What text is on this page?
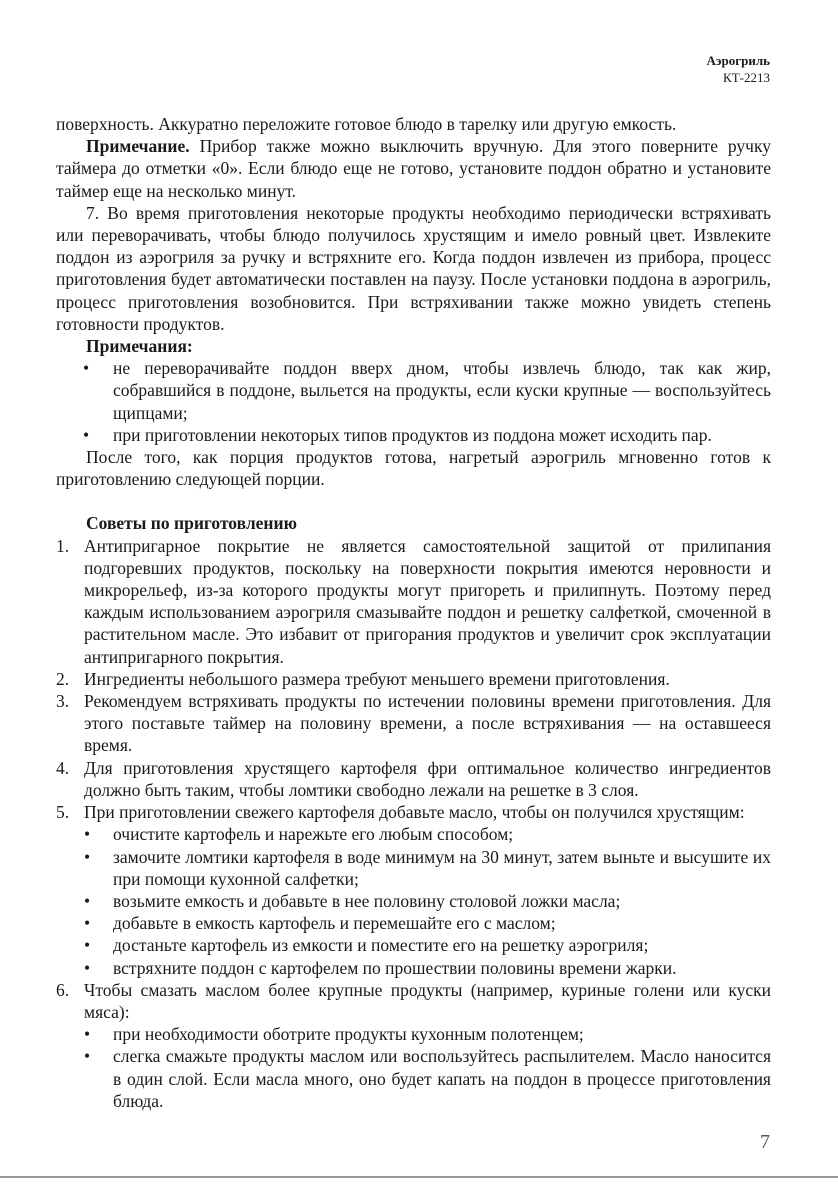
Аэрогриль
КТ-2213

поверхность. Аккуратно переложите готовое блюдо в тарелку или другую емкость.

Примечание. Прибор также можно выключить вручную. Для этого поверните ручку таймера до отметки «0». Если блюдо еще не готово, установите поддон обратно и установите таймер еще на несколько минут.

7. Во время приготовления некоторые продукты необходимо периодически встряхивать или переворачивать, чтобы блюдо получилось хрустящим и имело ровный цвет. Извлеките поддон из аэрогриля за ручку и встряхните его. Когда поддон извлечен из прибора, процесс приготовления будет автоматически поставлен на паузу. После установки поддона в аэрогриль, процесс приготовления возобновится. При встряхивании также можно увидеть степень готовности продуктов.

Примечания:

• не переворачивайте поддон вверх дном, чтобы извлечь блюдо, так как жир, собравшийся в поддоне, выльется на продукты, если куски крупные — воспользуйтесь щипцами;
• при приготовлении некоторых типов продуктов из поддона может исходить пар.

После того, как порция продуктов готова, нагретый аэрогриль мгновенно готов к приготовлению следующей порции.

Советы по приготовлению

1. Антипригарное покрытие не является самостоятельной защитой от прилипания подгоревших продуктов, поскольку на поверхности покрытия имеются неровности и микрорельеф, из-за которого продукты могут пригореть и прилипнуть. Поэтому перед каждым использованием аэрогриля смазывайте поддон и решетку салфеткой, смоченной в растительном масле. Это избавит от пригорания продуктов и увеличит срок эксплуатации антипригарного покрытия.
2. Ингредиенты небольшого размера требуют меньшего времени приготовления.
3. Рекомендуем встряхивать продукты по истечении половины времени приготовления. Для этого поставьте таймер на половину времени, а после встряхивания — на оставшееся время.
4. Для приготовления хрустящего картофеля фри оптимальное количество ингредиентов должно быть таким, чтобы ломтики свободно лежали на решетке в 3 слоя.
5. При приготовлении свежего картофеля добавьте масло, чтобы он получился хрустящим:
• очистите картофель и нарежьте его любым способом;
• замочите ломтики картофеля в воде минимум на 30 минут, затем выньте и высушите их при помощи кухонной салфетки;
• возьмите емкость и добавьте в нее половину столовой ложки масла;
• добавьте в емкость картофель и перемешайте его с маслом;
• достаньте картофель из емкости и поместите его на решетку аэрогриля;
• встряхните поддон с картофелем по прошествии половины времени жарки.
6. Чтобы смазать маслом более крупные продукты (например, куриные голени или куски мяса):
• при необходимости оботрите продукты кухонным полотенцем;
• слегка смажьте продукты маслом или воспользуйтесь распылителем. Масло наносится в один слой. Если масла много, оно будет капать на поддон в процессе приготовления блюда.
7
